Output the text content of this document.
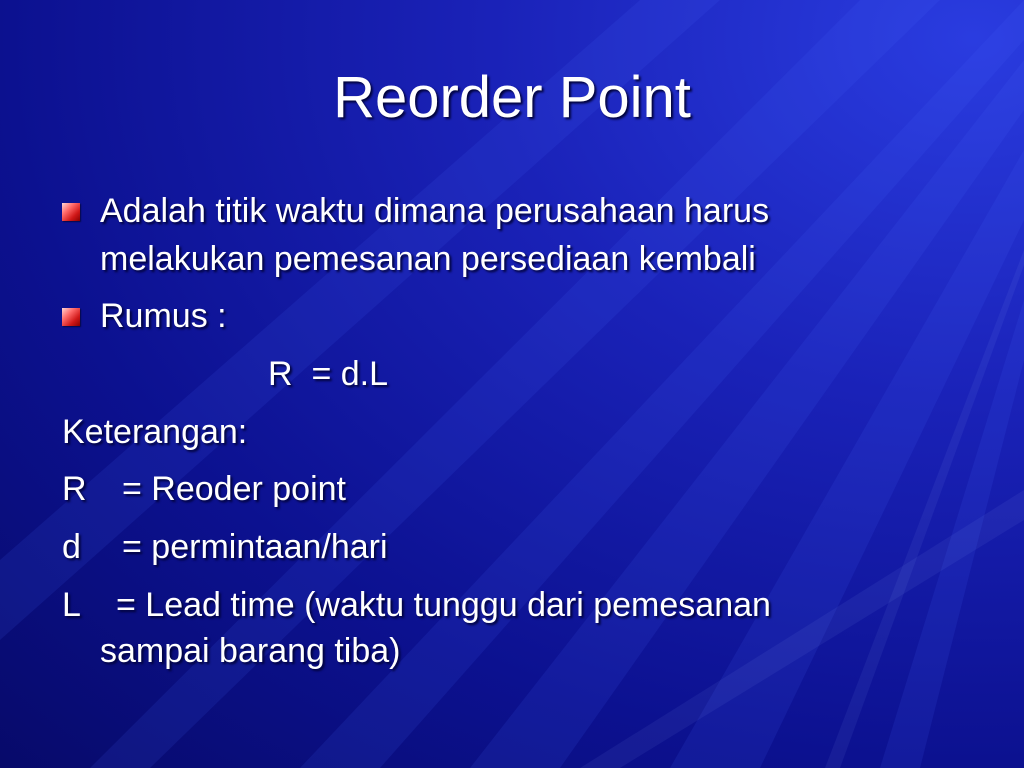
Reorder Point
Adalah titik waktu dimana perusahaan harus
melakukan pemesanan persediaan kembali
Rumus :
R  = d.L
Keterangan:
R = Reoder point
d = permintaan/hari
L = Lead time (waktu tunggu dari pemesanan
sampai barang tiba)
